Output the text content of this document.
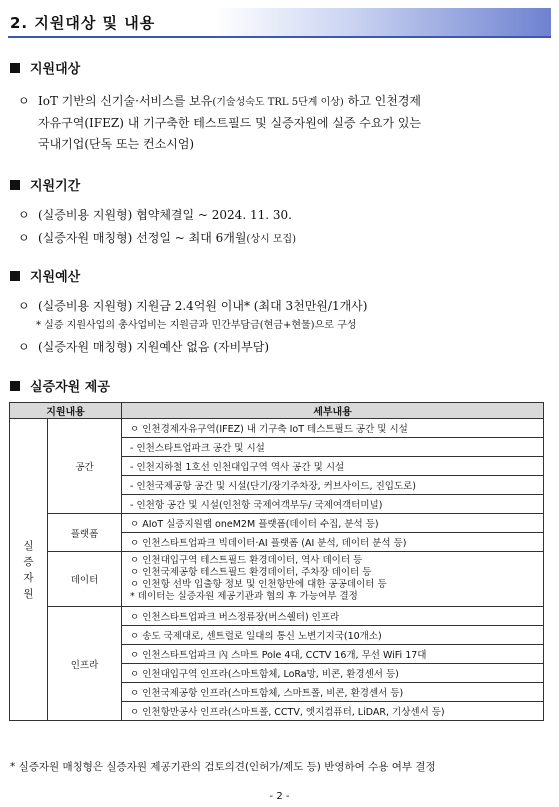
2. 지원대상 및 내용
지원대상
ㅇ IoT 기반의 신기술·서비스를 보유(기술성숙도 TRL 5단계 이상) 하고 인천경제
자유구역(IFEZ) 내 기구축한 테스트필드 및 실증자원에 실증 수요가 있는
국내기업(단독 또는 컨소시엄)
지원기간
ㅇ (실증비용 지원형) 협약체결일 ~ 2024. 11. 30.
ㅇ (실증자원 매칭형) 선정일 ~ 최대 6개월(상시 모집)
지원예산
ㅇ (실증비용 지원형) 지원금 2.4억원 이내* (최대 3천만원/1개사)
* 실증 지원사업의 총사업비는 지원금과 민간부담금(현금+현물)으로 구성
ㅇ (실증자원 매칭형) 지원예산 없음 (자비부담)
실증자원 제공
지원내용		세부내용

실
증
자
원	공간	ㅇ 인천경제자유구역(IFEZ) 내 기구축 IoT 테스트필드 공간 및 시설
		- 인천스타트업파크 공간 및 시설
		- 인천지하철 1호선 인천대입구역 역사 공간 및 시설
		- 인천국제공항 공간 및 시설(단기/장기주차장, 커브사이드, 진입도로)
		- 인천항 공간 및 시설(인천항 국제여객부두/ 국제여객터미널)
	플랫폼	ㅇ AIoT 실증지원랩 oneM2M 플랫폼(데이터 수집, 분석 등)
		ㅇ 인천스타트업파크 빅데이터·AI 플랫폼 (AI 분석, 데이터 분석 등)
	데이터	ㅇ 인천대입구역 테스트필드 환경데이터, 역사 데이터 등
ㅇ 인천국제공항 테스트필드 환경데이터, 주차장 데이터 등
ㅇ 인천항 선박 입출항 정보 및 인천항만에 대한 공공데이터 등
* 데이터는 실증자원 제공기관과 협의 후 가능여부 결정

	인프라	ㅇ 인천스타트업파크 버스정류장(버스쉘터) 인프라
		ㅇ 송도 국제대로, 센트럴로 일대의 통신 노변기지국(10개소)
		ㅇ 인천스타트업파크 內 스마트 Pole 4대, CCTV 16개, 무선 WiFi 17대
		ㅇ 인천대입구역 인프라(스마트함체, LoRa망, 비콘, 환경센서 등)
		ㅇ 인천국제공항 인프라(스마트함체, 스마트폴, 비콘, 환경센서 등)
		ㅇ 인천항만공사 인프라(스마트폴, CCTV, 엣지컴퓨터, LiDAR, 기상센서 등)
* 실증자원 매칭형은 실증자원 제공기관의 검토의견(인허가/제도 등) 반영하여 수용 여부 결정
- 2 -
